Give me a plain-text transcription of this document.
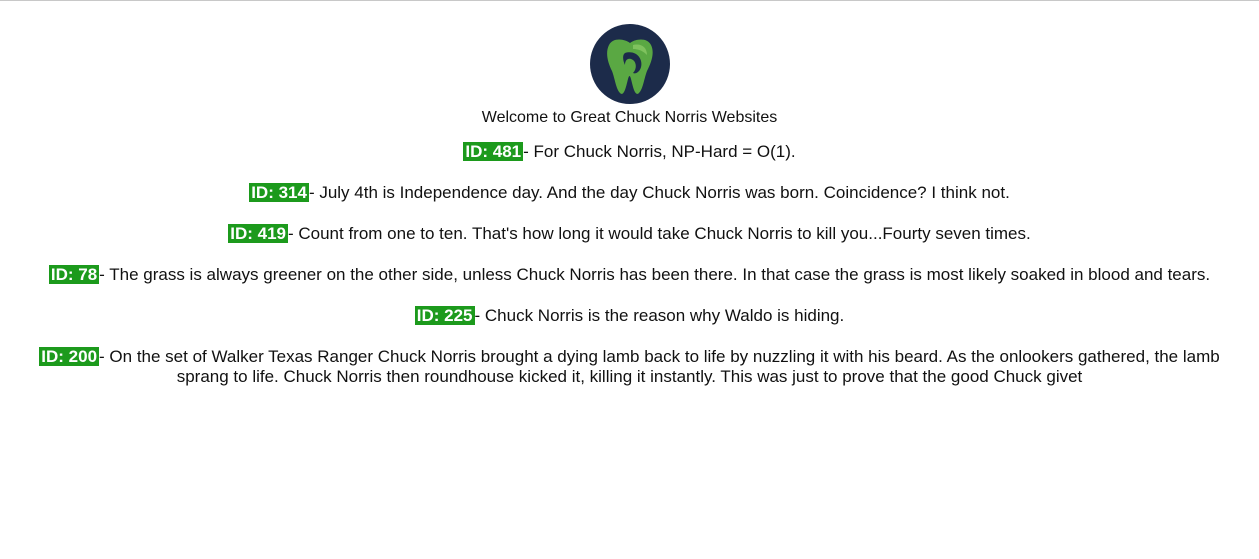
Welcome to Great Chuck Norris Websites

ID: 481 - For Chuck Norris, NP-Hard = O(1).

ID: 314 - July 4th is Independence day. And the day Chuck Norris was born. Coincidence? I think not.

ID: 419 - Count from one to ten. That's how long it would take Chuck Norris to kill you...Fourty seven times.

ID: 78 - The grass is always greener on the other side, unless Chuck Norris has been there. In that case the grass is most likely soaked in blood and tears.

ID: 225 - Chuck Norris is the reason why Waldo is hiding.

ID: 200 - On the set of Walker Texas Ranger Chuck Norris brought a dying lamb back to life by nuzzling it with his beard. As the onlookers gathered, the lamb sprang to life. Chuck Norris then roundhouse kicked it, killing it instantly. This was just to prove that the good Chuck givet
